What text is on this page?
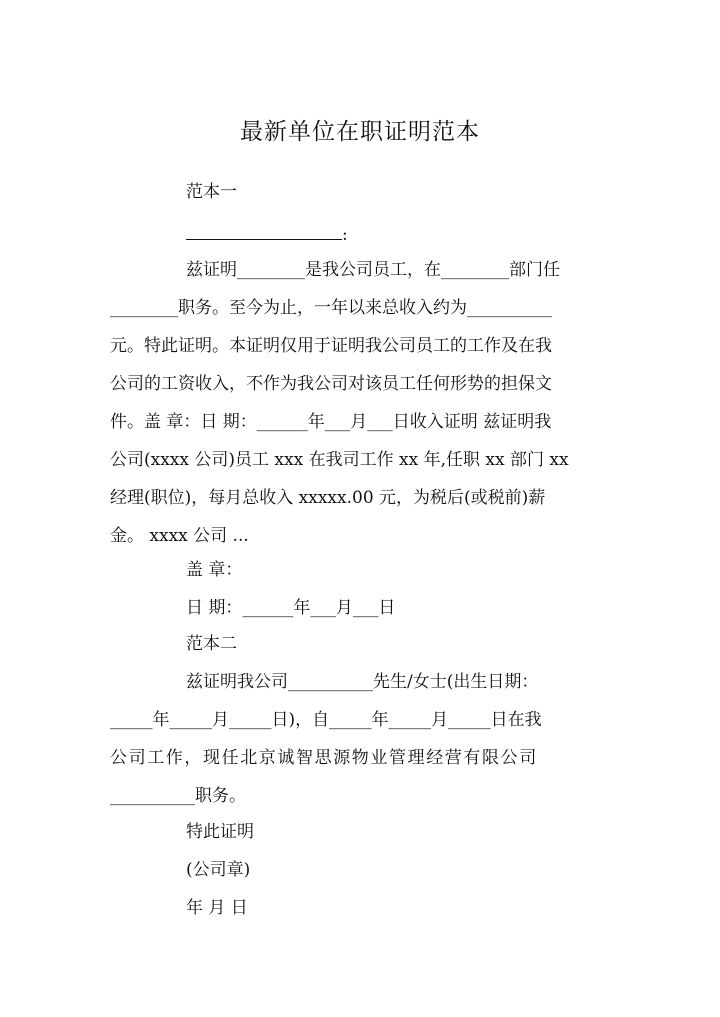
最新单位在职证明范本
范本一
:
兹证明________是我公司员工，在________部门任
________职务。至今为止，一年以来总收入约为__________
元。特此证明。本证明仅用于证明我公司员工的工作及在我
公司的工资收入，不作为我公司对该员工任何形势的担保文
件。盖 章：日 期：______年___月___日收入证明 兹证明我
公司(xxxx 公司)员工 xxx 在我司工作 xx 年,任职 xx 部门 xx
经理(职位)，每月总收入 xxxxx.00 元，为税后(或税前)薪
金。 xxxx 公司 ...
盖 章：
日 期：______年___月___日
范本二
兹证明我公司__________先生/女士(出生日期：
_____年_____月_____日)，自_____年_____月_____日在我
公司工作，现任北京诚智思源物业管理经营有限公司
__________职务。
特此证明
(公司章)
年 月 日
